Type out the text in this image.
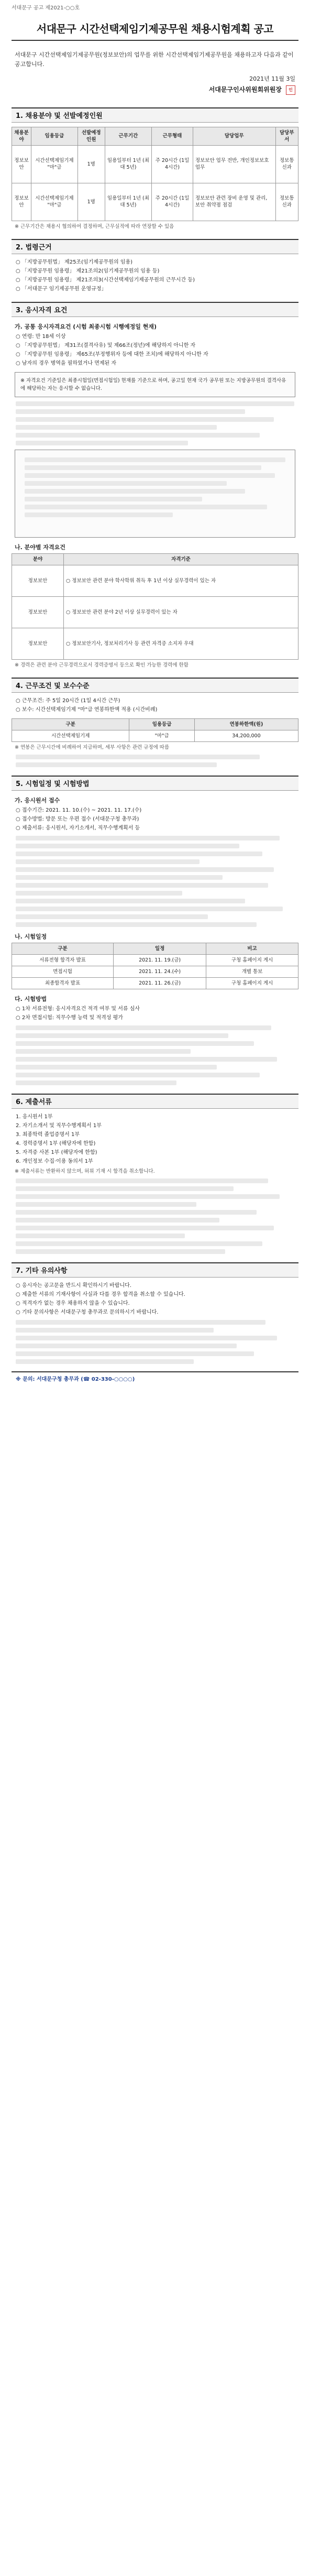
서대문구 공고 제2021-○○호
서대문구 시간선택제임기제공무원 채용시험계획 공고
서대문구 시간선택제임기제공무원(정보보안)의 업무를 위한 시간선택제임기제공무원을 채용하고자 다음과 같이 공고합니다.
2021년 11월 3일
서대문구인사위원회위원장 인
1. 채용분야 및 선발예정인원
채용분야	임용등급	선발예정 인원	근무기간	근무형태	담당업무	담당부서
정보보안	시간선택제임기제 "마"급	1명	임용일부터 1년 (최대 5년)	주 20시간 (1일 4시간)	정보보안 업무 전반, 개인정보보호 업무	정보통신과
정보보안	시간선택제임기제 "마"급	1명	임용일부터 1년 (최대 5년)	주 20시간 (1일 4시간)	정보보안 관련 장비 운영 및 관리, 보안 취약점 점검	정보통신과
※ 근무기간은 채용시 협의하여 결정하며, 근무실적에 따라 연장할 수 있음
2. 법령근거
○ 「지방공무원법」 제25조(임기제공무원의 임용)
○ 「지방공무원 임용령」 제21조의2(임기제공무원의 임용 등)
○ 「지방공무원 임용령」 제21조의3(시간선택제임기제공무원의 근무시간 등)
○ 「서대문구 임기제공무원 운영규정」
3. 응시자격 요건
가. 공통 응시자격요건 (시험 최종시험 시행예정일 현재)
○ 연령: 만 18세 이상
○ 「지방공무원법」 제31조(결격사유) 및 제66조(정년)에 해당하지 아니한 자
○ 「지방공무원 임용령」 제65조(부정행위자 등에 대한 조치)에 해당하지 아니한 자
○ 남자의 경우 병역을 필하였거나 면제된 자
※ 자격요건 기준일은 최종시험일(면접시험일) 현재를 기준으로 하며, 공고일 현재 국가 공무원 또는 지방공무원의 결격사유에 해당하는 자는 응시할 수 없습니다.
나. 분야별 자격요건
분야	자격기준
정보보안	○ 정보보안 관련 분야 학사학위 취득 후 1년 이상 실무경력이 있는 자
정보보안	○ 정보보안 관련 분야 2년 이상 실무경력이 있는 자
정보보안	○ 정보보안기사, 정보처리기사 등 관련 자격증 소지자 우대
※ 경력은 관련 분야 근무경력으로서 경력증명서 등으로 확인 가능한 경력에 한함
4. 근무조건 및 보수수준
○ 근무조건: 주 5일 20시간 (1일 4시간 근무)
○ 보수: 시간선택제임기제 "마"급 연봉하한액 적용 (시간비례)
구분	임용등급	연봉하한액(원)
시간선택제임기제	"마"급	34,200,000
※ 연봉은 근무시간에 비례하여 지급하며, 세부 사항은 관련 규정에 따름
5. 시험일정 및 시험방법
가. 응시원서 접수
○ 접수기간: 2021. 11. 10.(수) ~ 2021. 11. 17.(수)
○ 접수방법: 방문 또는 우편 접수 (서대문구청 총무과)
○ 제출서류: 응시원서, 자기소개서, 직무수행계획서 등
나. 시험일정
구분	일정	비고
서류전형 합격자 발표	2021. 11. 19.(금)	구청 홈페이지 게시
면접시험	2021. 11. 24.(수)	개별 통보
최종합격자 발표	2021. 11. 26.(금)	구청 홈페이지 게시
다. 시험방법
○ 1차 서류전형: 응시자격요건 적격 여부 및 서류 심사
○ 2차 면접시험: 직무수행 능력 및 적격성 평가
6. 제출서류
1. 응시원서 1부
2. 자기소개서 및 직무수행계획서 1부
3. 최종학력 졸업증명서 1부
4. 경력증명서 1부 (해당자에 한함)
5. 자격증 사본 1부 (해당자에 한함)
6. 개인정보 수집·이용 동의서 1부
※ 제출서류는 반환하지 않으며, 허위 기재 시 합격을 취소합니다.
7. 기타 유의사항
○ 응시자는 공고문을 반드시 확인하시기 바랍니다.
○ 제출한 서류의 기재사항이 사실과 다를 경우 합격을 취소할 수 있습니다.
○ 적격자가 없는 경우 채용하지 않을 수 있습니다.
○ 기타 문의사항은 서대문구청 총무과로 문의하시기 바랍니다.
※ 문의: 서대문구청 총무과 (☎ 02-330-○○○○)
